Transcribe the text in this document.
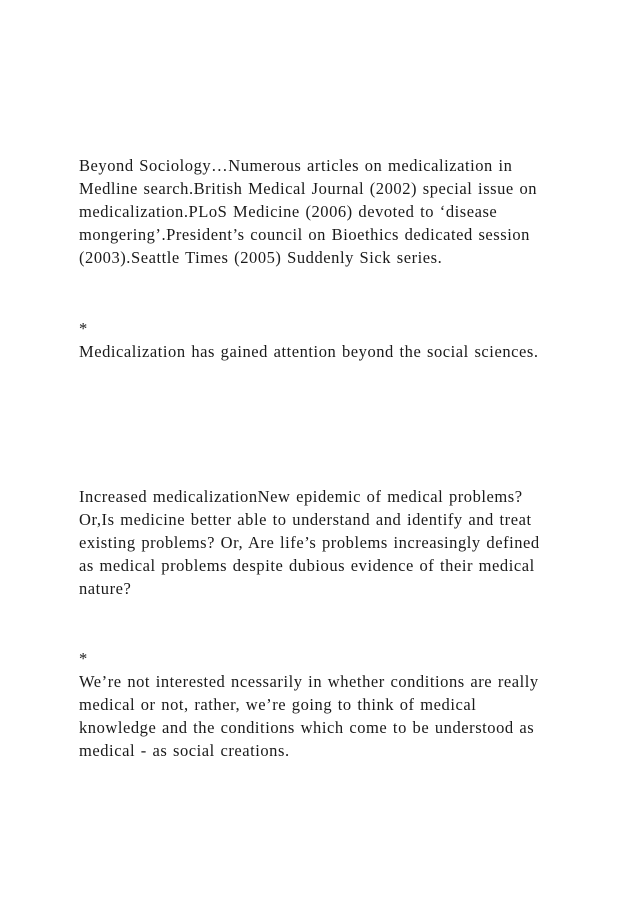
Beyond Sociology…Numerous articles on medicalization in
Medline search.British Medical Journal (2002) special issue on
medicalization.PLoS Medicine (2006) devoted to ‘disease
mongering’.President’s council on Bioethics dedicated session
(2003).Seattle Times (2005) Suddenly Sick series.
*
Medicalization has gained attention beyond the social sciences.
Increased medicalizationNew epidemic of medical problems?
Or,Is medicine better able to understand and identify and treat
existing problems? Or, Are life’s problems increasingly defined
as medical problems despite dubious evidence of their medical
nature?
*
We’re not interested ncessarily in whether conditions are really
medical or not, rather, we’re going to think of medical
knowledge and the conditions which come to be understood as
medical - as social creations.
